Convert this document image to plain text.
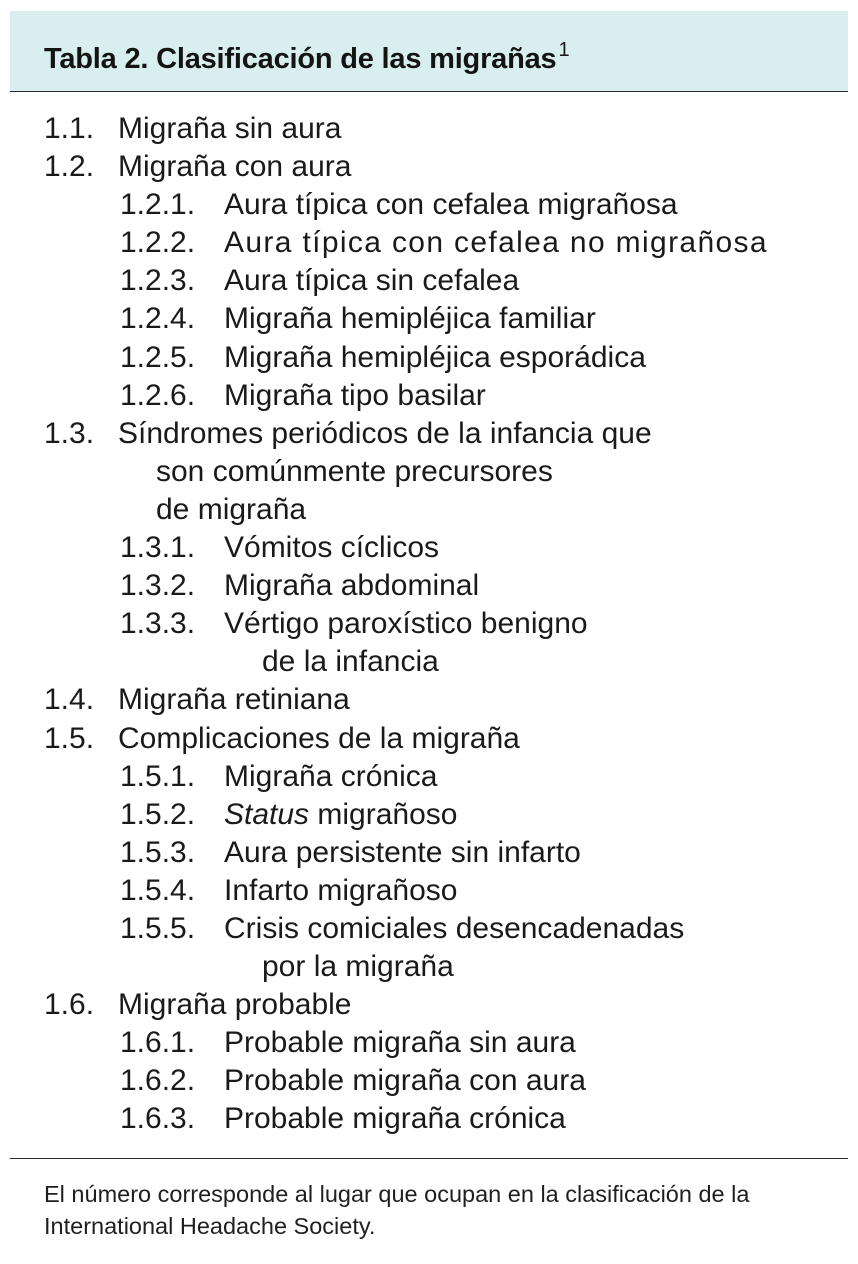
Tabla 2. Clasificación de las migrañas $^1$
1.1. Migraña sin aura
1.2. Migraña con aura
1.2.1. Aura típica con cefalea migrañosa
1.2.2. Aura típica con cefalea no migrañosa
1.2.3. Aura típica sin cefalea
1.2.4. Migraña hemipléjica familiar
1.2.5. Migraña hemipléjica esporádica
1.2.6. Migraña tipo basilar
1.3. Síndromes periódicos de la infancia que
son comúnmente precursores
de migraña
1.3.1. Vómitos cíclicos
1.3.2. Migraña abdominal
1.3.3. Vértigo paroxístico benigno
de la infancia
1.4. Migraña retiniana
1.5. Complicaciones de la migraña
1.5.1. Migraña crónica
1.5.2. Status migrañoso
1.5.3. Aura persistente sin infarto
1.5.4. Infarto migrañoso
1.5.5. Crisis comiciales desencadenadas
por la migraña
1.6. Migraña probable
1.6.1. Probable migraña sin aura
1.6.2. Probable migraña con aura
1.6.3. Probable migraña crónica

El número corresponde al lugar que ocupan en la clasificación de la International Headache Society.
